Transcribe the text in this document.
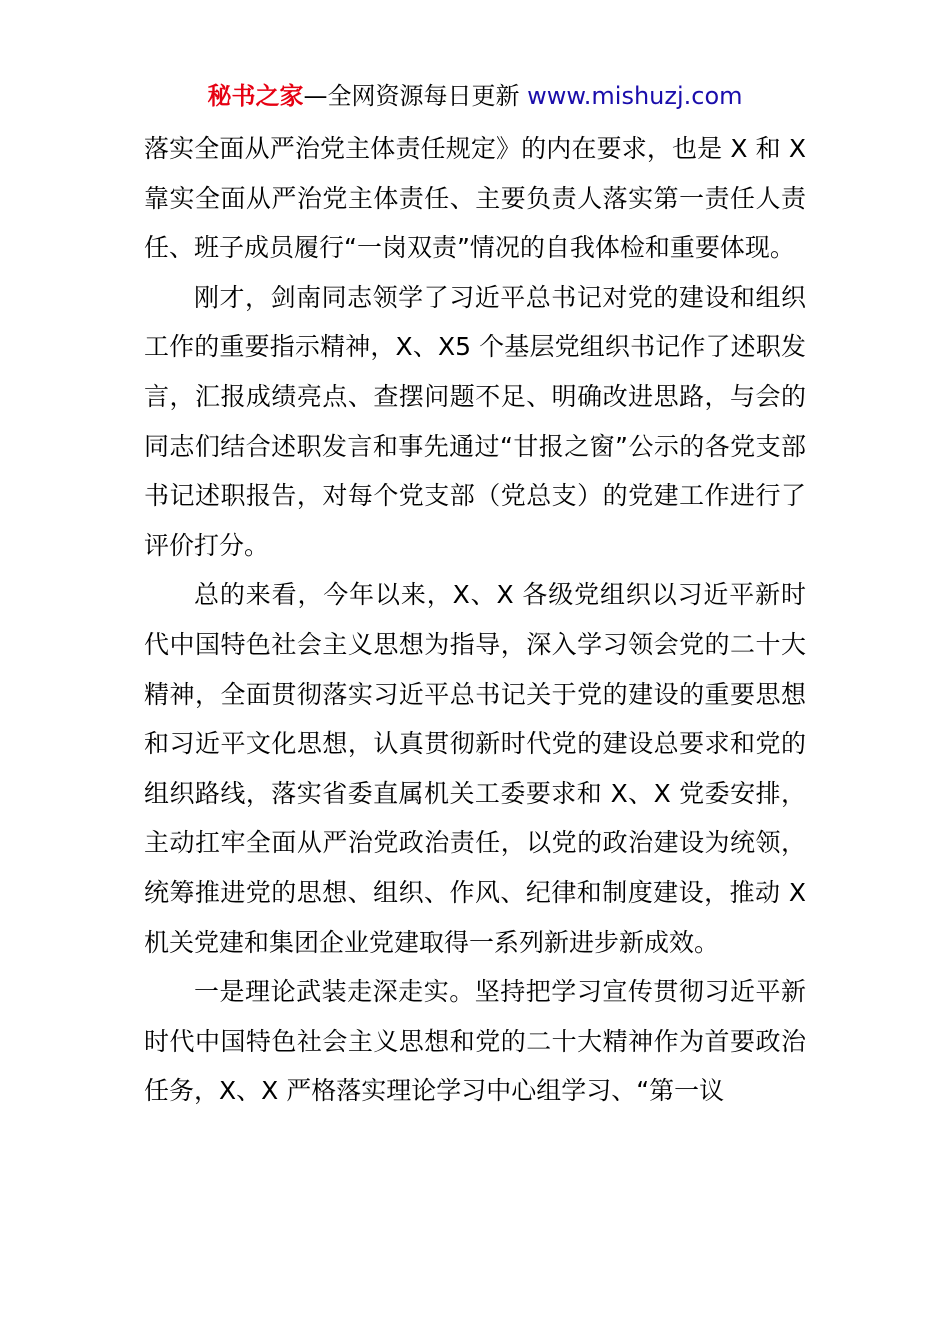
秘书之家—全网资源每日更新 www.mishuzj.com

落实全面从严治党主体责任规定》的内在要求，也是 X 和 X 靠实全面从严治党主体责任、主要负责人落实第一责任人责任、班子成员履行“一岗双责”情况的自我体检和重要体现。

刚才，剑南同志领学了习近平总书记对党的建设和组织工作的重要指示精神，X、X5 个基层党组织书记作了述职发言，汇报成绩亮点、查摆问题不足、明确改进思路，与会的同志们结合述职发言和事先通过“甘报之窗”公示的各党支部书记述职报告，对每个党支部（党总支）的党建工作进行了评价打分。

总的来看，今年以来，X、X 各级党组织以习近平新时代中国特色社会主义思想为指导，深入学习领会党的二十大精神，全面贯彻落实习近平总书记关于党的建设的重要思想和习近平文化思想，认真贯彻新时代党的建设总要求和党的组织路线，落实省委直属机关工委要求和 X、X 党委安排，主动扛牢全面从严治党政治责任，以党的政治建设为统领，统筹推进党的思想、组织、作风、纪律和制度建设，推动 X 机关党建和集团企业党建取得一系列新进步新成效。

一是理论武装走深走实。坚持把学习宣传贯彻习近平新时代中国特色社会主义思想和党的二十大精神作为首要政治任务，X、X 严格落实理论学习中心组学习、“第一议
